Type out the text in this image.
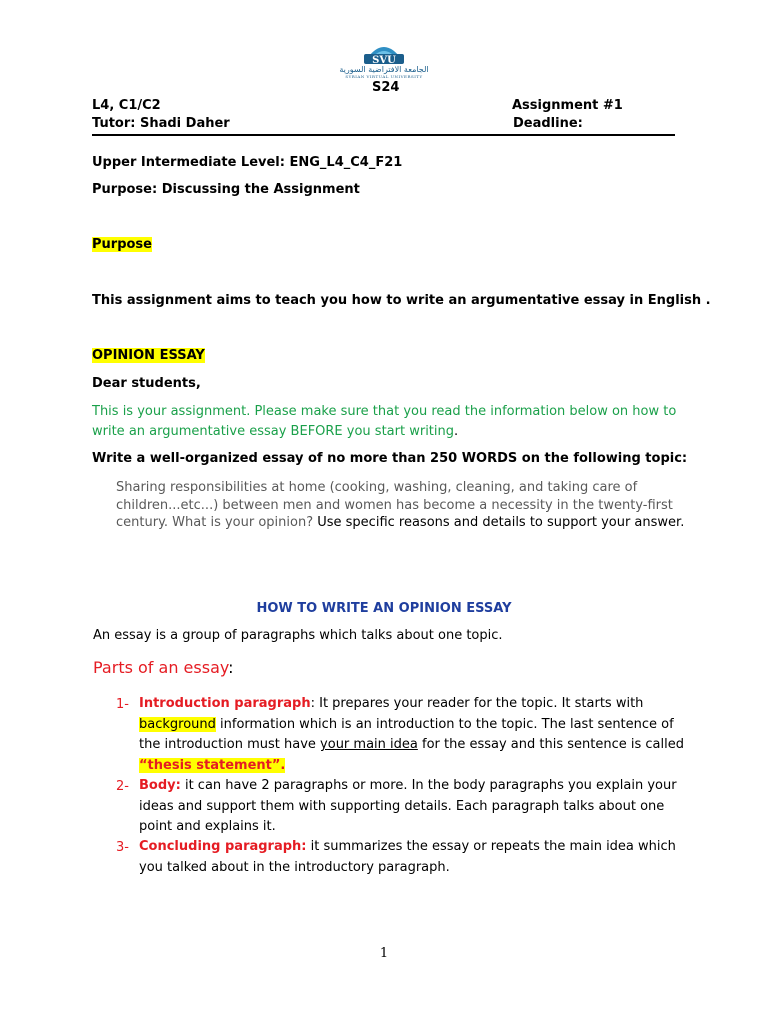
SVU
الجامعة الافتراضية السورية
SYRIAN VIRTUAL UNIVERSITY
S24
L4, C1/C2
Tutor: Shadi Daher
Assignment #1
Deadline:
Upper Intermediate Level: ENG_L4_C4_F21
Purpose: Discussing the Assignment
Purpose
This assignment aims to teach you how to write an argumentative essay in English .
OPINION ESSAY
Dear students,
This is your assignment. Please make sure that you read the information below on how to
write an argumentative essay BEFORE you start writing.
Write a well-organized essay of no more than 250 WORDS on the following topic:
Sharing responsibilities at home (cooking, washing, cleaning, and taking care of children...etc...) between men and women has become a necessity in the twenty-first century. What is your opinion? Use specific reasons and details to support your answer.
HOW TO WRITE AN OPINION ESSAY
An essay is a group of paragraphs which talks about one topic.
Parts of an essay:
1- Introduction paragraph: It prepares your reader for the topic. It starts with background information which is an introduction to the topic. The last sentence of the introduction must have your main idea for the essay and this sentence is called “thesis statement”.
2- Body: it can have 2 paragraphs or more. In the body paragraphs you explain your ideas and support them with supporting details. Each paragraph talks about one point and explains it.
3- Concluding paragraph: it summarizes the essay or repeats the main idea which you talked about in the introductory paragraph.
1
